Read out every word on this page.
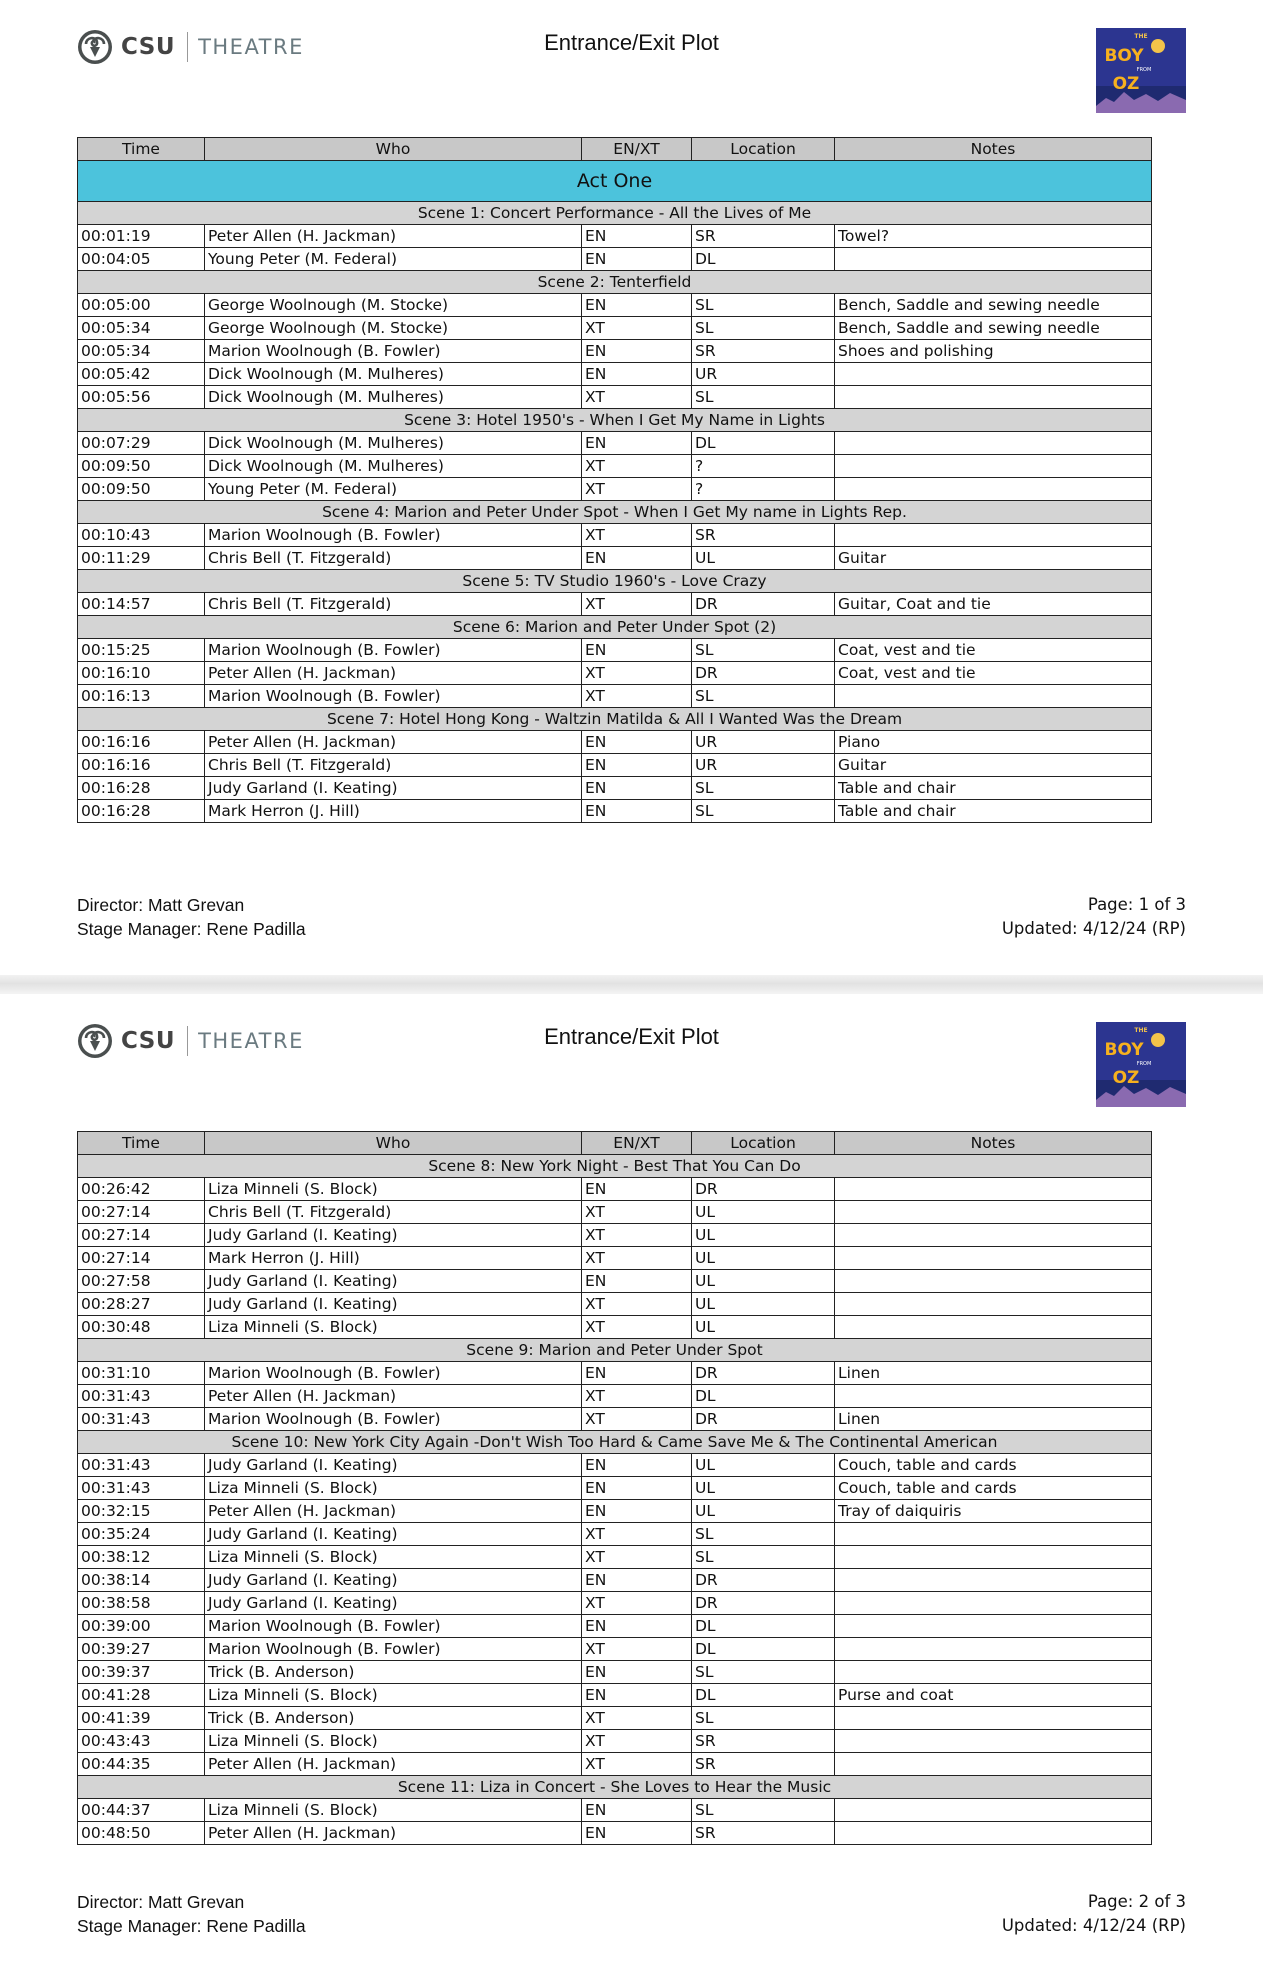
CSU THEATRE	Entrance/Exit Plot	THE
BOY
FROM
OZ
Time	Who	EN/XT	Location	Notes
Act One				
Scene 1: Concert Performance - All the Lives of Me				
00:01:19	Peter Allen (H. Jackman)	EN	SR	Towel?
00:04:05	Young Peter (M. Federal)	EN	DL	
Scene 2: Tenterfield				
00:05:00	George Woolnough (M. Stocke)	EN	SL	Bench, Saddle and sewing needle
00:05:34	George Woolnough (M. Stocke)	XT	SL	Bench, Saddle and sewing needle
00:05:34	Marion Woolnough (B. Fowler)	EN	SR	Shoes and polishing
00:05:42	Dick Woolnough (M. Mulheres)	EN	UR	
00:05:56	Dick Woolnough (M. Mulheres)	XT	SL	
Scene 3: Hotel 1950's - When I Get My Name in Lights				
00:07:29	Dick Woolnough (M. Mulheres)	EN	DL	
00:09:50	Dick Woolnough (M. Mulheres)	XT	?	
00:09:50	Young Peter (M. Federal)	XT	?	
Scene 4: Marion and Peter Under Spot - When I Get My name in Lights Rep.				
00:10:43	Marion Woolnough (B. Fowler)	XT	SR	
00:11:29	Chris Bell (T. Fitzgerald)	EN	UL	Guitar
Scene 5: TV Studio 1960's - Love Crazy				
00:14:57	Chris Bell (T. Fitzgerald)	XT	DR	Guitar, Coat and tie
Scene 6: Marion and Peter Under Spot (2)				
00:15:25	Marion Woolnough (B. Fowler)	EN	SL	Coat, vest and tie
00:16:10	Peter Allen (H. Jackman)	XT	DR	Coat, vest and tie
00:16:13	Marion Woolnough (B. Fowler)	XT	SL	
Scene 7: Hotel Hong Kong - Waltzin Matilda & All I Wanted Was the Dream				
00:16:16	Peter Allen (H. Jackman)	EN	UR	Piano
00:16:16	Chris Bell (T. Fitzgerald)	EN	UR	Guitar
00:16:28	Judy Garland (I. Keating)	EN	SL	Table and chair
00:16:28	Mark Herron (J. Hill)	EN	SL	Table and chair
Director: Matt Grevan
Stage Manager: Rene Padilla
Page: 1 of 3
Updated: 4/12/24 (RP)
CSU THEATRE	Entrance/Exit Plot	THE
BOY
FROM
OZ
Time	Who	EN/XT	Location	Notes
Scene 8: New York Night - Best That You Can Do				
00:26:42	Liza Minneli (S. Block)	EN	DR	
00:27:14	Chris Bell (T. Fitzgerald)	XT	UL	
00:27:14	Judy Garland (I. Keating)	XT	UL	
00:27:14	Mark Herron (J. Hill)	XT	UL	
00:27:58	Judy Garland (I. Keating)	EN	UL	
00:28:27	Judy Garland (I. Keating)	XT	UL	
00:30:48	Liza Minneli (S. Block)	XT	UL	
Scene 9: Marion and Peter Under Spot				
00:31:10	Marion Woolnough (B. Fowler)	EN	DR	Linen
00:31:43	Peter Allen (H. Jackman)	XT	DL	
00:31:43	Marion Woolnough (B. Fowler)	XT	DR	Linen
Scene 10: New York City Again -Don't Wish Too Hard & Came Save Me & The Continental American				
00:31:43	Judy Garland (I. Keating)	EN	UL	Couch, table and cards
00:31:43	Liza Minneli (S. Block)	EN	UL	Couch, table and cards
00:32:15	Peter Allen (H. Jackman)	EN	UL	Tray of daiquiris
00:35:24	Judy Garland (I. Keating)	XT	SL	
00:38:12	Liza Minneli (S. Block)	XT	SL	
00:38:14	Judy Garland (I. Keating)	EN	DR	
00:38:58	Judy Garland (I. Keating)	XT	DR	
00:39:00	Marion Woolnough (B. Fowler)	EN	DL	
00:39:27	Marion Woolnough (B. Fowler)	XT	DL	
00:39:37	Trick (B. Anderson)	EN	SL	
00:41:28	Liza Minneli (S. Block)	EN	DL	Purse and coat
00:41:39	Trick (B. Anderson)	XT	SL	
00:43:43	Liza Minneli (S. Block)	XT	SR	
00:44:35	Peter Allen (H. Jackman)	XT	SR	
Scene 11: Liza in Concert - She Loves to Hear the Music				
00:44:37	Liza Minneli (S. Block)	EN	SL	
00:48:50	Peter Allen (H. Jackman)	EN	SR	
Director: Matt Grevan
Stage Manager: Rene Padilla
Page: 2 of 3
Updated: 4/12/24 (RP)
